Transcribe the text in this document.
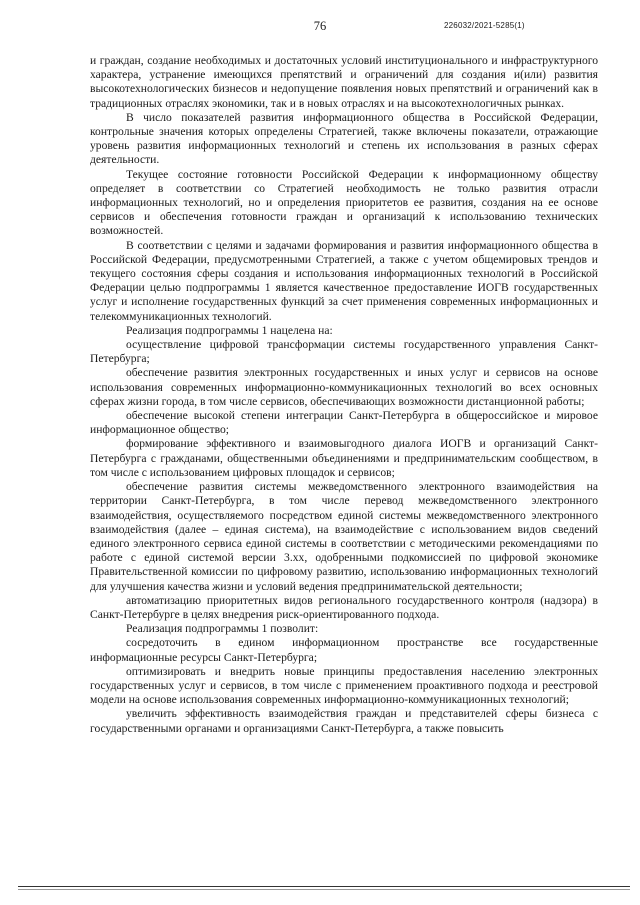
76	226032/2021-5285(1)

и граждан, создание необходимых и достаточных условий институционального и инфраструктурного характера, устранение имеющихся препятствий и ограничений для создания и(или) развития высокотехнологических бизнесов и недопущение появления новых препятствий и ограничений как в традиционных отраслях экономики, так и в новых отраслях и на высокотехнологичных рынках.

В число показателей развития информационного общества в Российской Федерации, контрольные значения которых определены Стратегией, также включены показатели, отражающие уровень развития информационных технологий и степень их использования в разных сферах деятельности.

Текущее состояние готовности Российской Федерации к информационному обществу определяет в соответствии со Стратегией необходимость не только развития отрасли информационных технологий, но и определения приоритетов ее развития, создания на ее основе сервисов и обеспечения готовности граждан и организаций к использованию технических возможностей.

В соответствии с целями и задачами формирования и развития информационного общества в Российской Федерации, предусмотренными Стратегией, а также с учетом общемировых трендов и текущего состояния сферы создания и использования информационных технологий в Российской Федерации целью подпрограммы 1 является качественное предоставление ИОГВ государственных услуг и исполнение государственных функций за счет применения современных информационных и телекоммуникационных технологий.

Реализация подпрограммы 1 нацелена на:

осуществление цифровой трансформации системы государственного управления Санкт-Петербурга;

обеспечение развития электронных государственных и иных услуг и сервисов на основе использования современных информационно-коммуникационных технологий во всех основных сферах жизни города, в том числе сервисов, обеспечивающих возможности дистанционной работы;

обеспечение высокой степени интеграции Санкт-Петербурга в общероссийское и мировое информационное общество;

формирование эффективного и взаимовыгодного диалога ИОГВ и организаций Санкт-Петербурга с гражданами, общественными объединениями и предпринимательским сообществом, в том числе с использованием цифровых площадок и сервисов;

обеспечение развития системы межведомственного электронного взаимодействия на территории Санкт-Петербурга, в том числе перевод межведомственного электронного взаимодействия, осуществляемого посредством единой системы межведомственного электронного взаимодействия (далее – единая система), на взаимодействие с использованием видов сведений единого электронного сервиса единой системы в соответствии с методическими рекомендациями по работе с единой системой версии 3.хх, одобренными подкомиссией по цифровой экономике Правительственной комиссии по цифровому развитию, использованию информационных технологий для улучшения качества жизни и условий ведения предпринимательской деятельности;

автоматизацию приоритетных видов регионального государственного контроля (надзора) в Санкт-Петербурге в целях внедрения риск-ориентированного подхода.

Реализация подпрограммы 1 позволит:

сосредоточить в едином информационном пространстве все государственные информационные ресурсы Санкт-Петербурга;

оптимизировать и внедрить новые принципы предоставления населению электронных государственных услуг и сервисов, в том числе с применением проактивного подхода и реестровой модели на основе использования современных информационно-коммуникационных технологий;

увеличить эффективность взаимодействия граждан и представителей сферы бизнеса с государственными органами и организациями Санкт-Петербурга, а также повысить
